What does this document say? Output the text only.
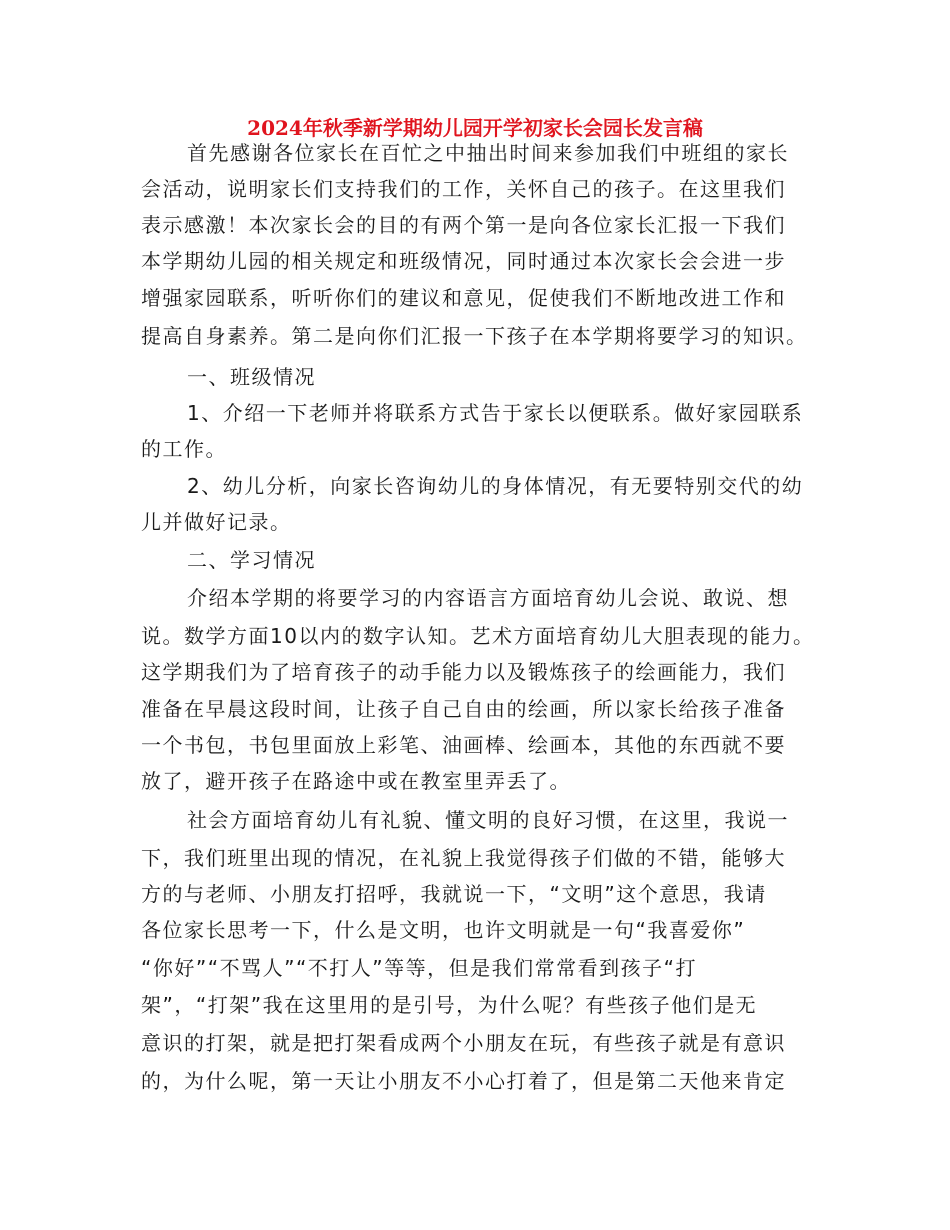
2024年秋季新学期幼儿园开学初家长会园长发言稿
首先感谢各位家长在百忙之中抽出时间来参加我们中班组的家长
会活动，说明家长们支持我们的工作，关怀自己的孩子。在这里我们
表示感激！本次家长会的目的有两个第一是向各位家长汇报一下我们
本学期幼儿园的相关规定和班级情况，同时通过本次家长会会进一步
增强家园联系，听听你们的建议和意见，促使我们不断地改进工作和
提高自身素养。第二是向你们汇报一下孩子在本学期将要学习的知识。
一、班级情况
1、介绍一下老师并将联系方式告于家长以便联系。做好家园联系
的工作。
2、幼儿分析，向家长咨询幼儿的身体情况，有无要特别交代的幼
儿并做好记录。
二、学习情况
介绍本学期的将要学习的内容语言方面培育幼儿会说、敢说、想
说。数学方面10以内的数字认知。艺术方面培育幼儿大胆表现的能力。
这学期我们为了培育孩子的动手能力以及锻炼孩子的绘画能力，我们
准备在早晨这段时间，让孩子自己自由的绘画，所以家长给孩子准备
一个书包，书包里面放上彩笔、油画棒、绘画本，其他的东西就不要
放了，避开孩子在路途中或在教室里弄丢了。
社会方面培育幼儿有礼貌、懂文明的良好习惯，在这里，我说一
下，我们班里出现的情况，在礼貌上我觉得孩子们做的不错，能够大
方的与老师、小朋友打招呼，我就说一下，“文明”这个意思，我请
各位家长思考一下，什么是文明，也许文明就是一句“我喜爱你”
“你好”“不骂人”“不打人”等等，但是我们常常看到孩子“打
架”，“打架”我在这里用的是引号，为什么呢？有些孩子他们是无
意识的打架，就是把打架看成两个小朋友在玩，有些孩子就是有意识
的，为什么呢，第一天让小朋友不小心打着了，但是第二天他来肯定
